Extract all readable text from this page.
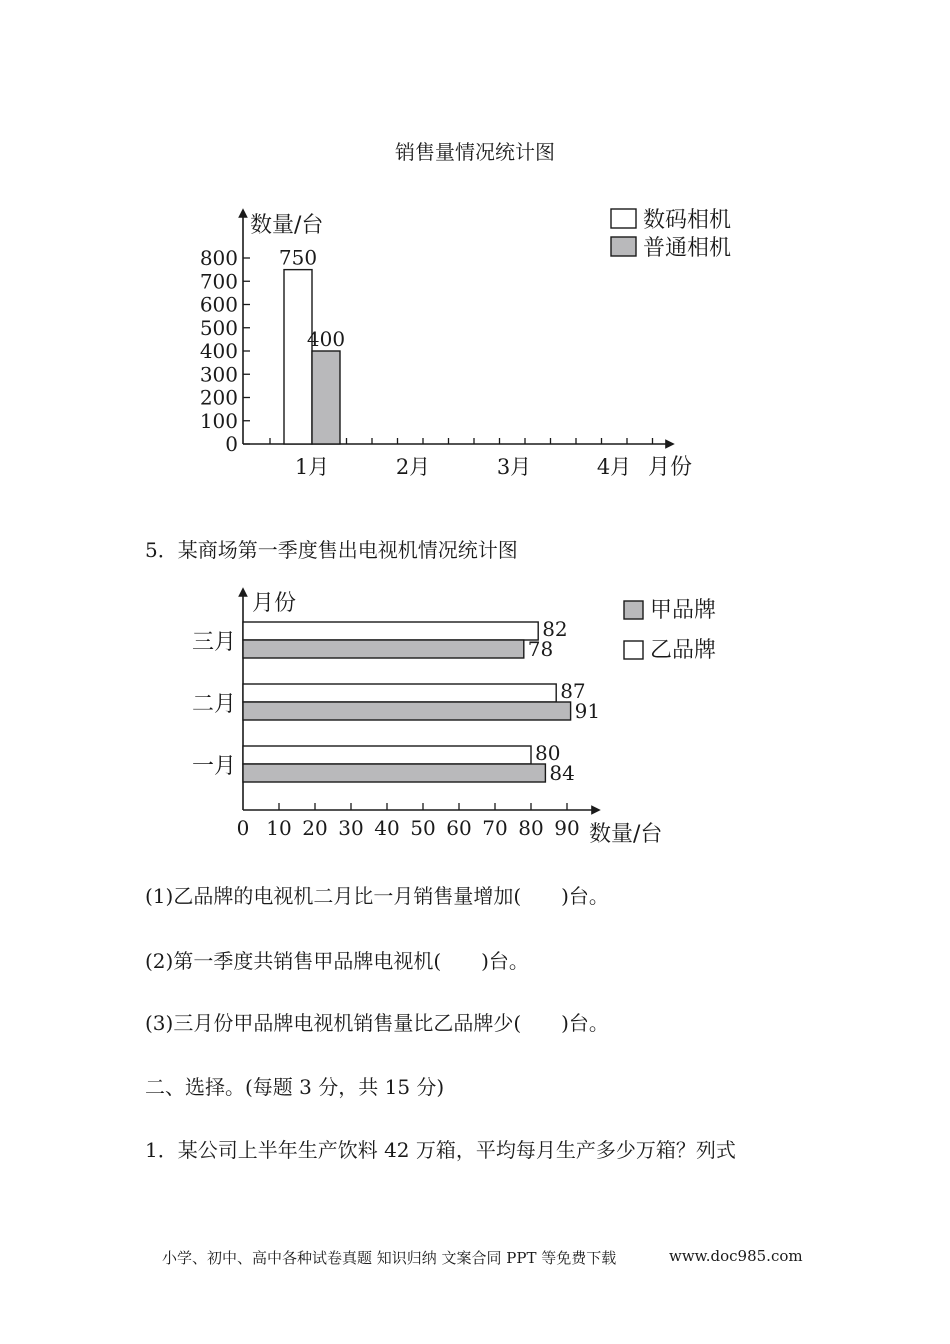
销售量情况统计图
800
700
600
500
400
300
200
100
0
1月	2月	3月	4月
750
400
数量/台
月份
数码相机
普通相机
5．某商场第一季度售出电视机情况统计图
0 10 20 30 40 50 60 70 80 90
82
78
87
91
80
84
三月
二月
一月
月份
数量/台
甲品牌
乙品牌
(1)乙品牌的电视机二月比一月销售量增加(　　)台。
(2)第一季度共销售甲品牌电视机(　　)台。
(3)三月份甲品牌电视机销售量比乙品牌少(　　)台。
二、选择。(每题 3 分，共 15 分)
1．某公司上半年生产饮料 42 万箱，平均每月生产多少万箱？列式
小学、初中、高中各种试卷真题 知识归纳 文案合同 PPT 等免费下载	www.doc985.com
